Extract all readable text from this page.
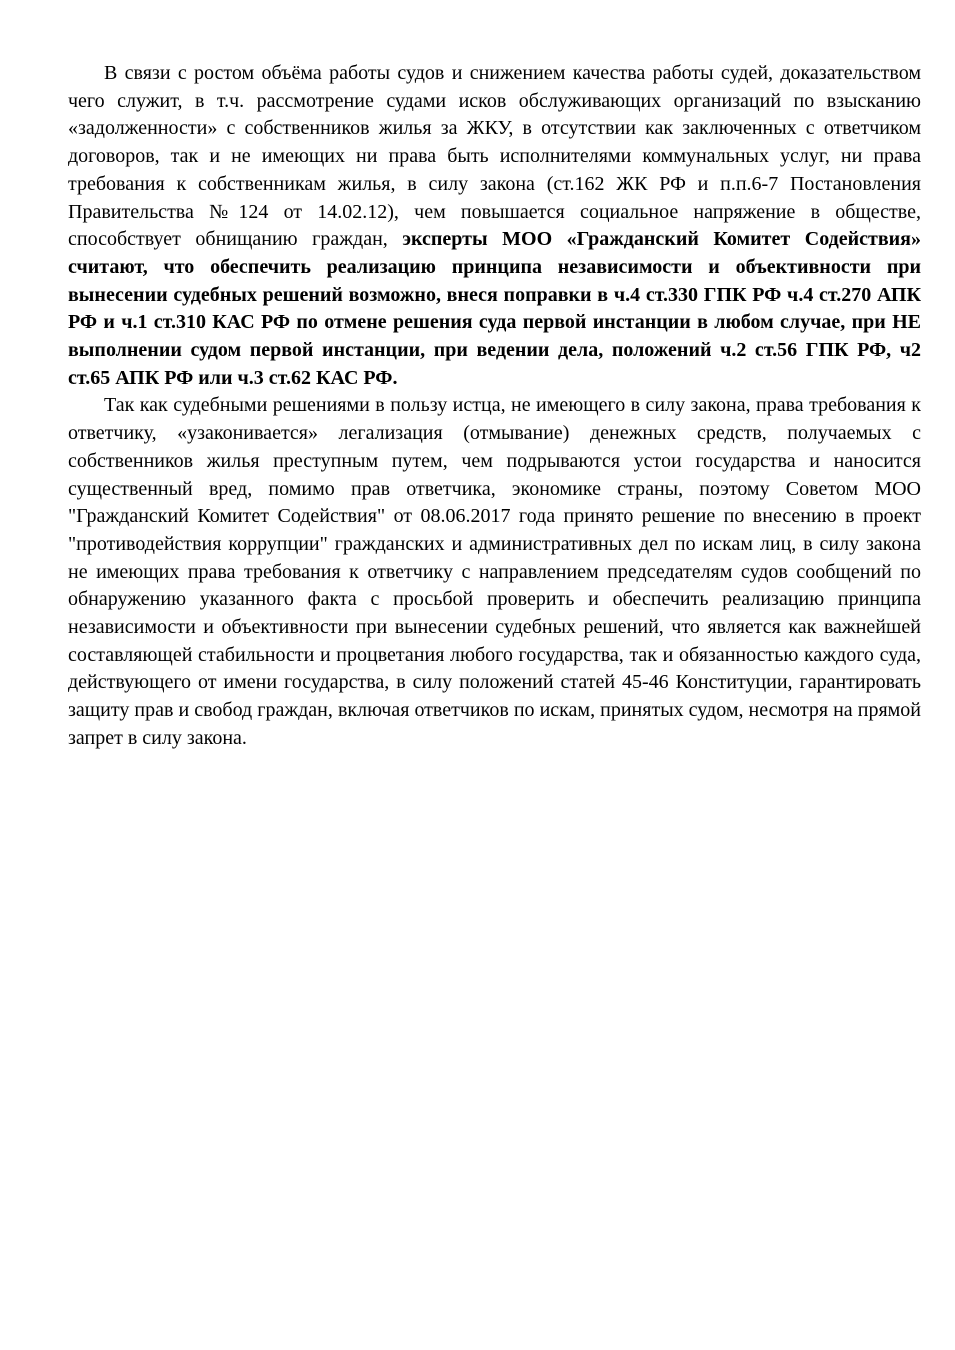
В связи с ростом объёма работы судов и снижением качества работы судей, доказательством чего служит, в т.ч. рассмотрение судами исков обслуживающих организаций по взысканию «задолженности» с собственников жилья за ЖКУ, в отсутствии как заключенных с ответчиком договоров, так и не имеющих ни права быть исполнителями коммунальных услуг, ни права требования к собственникам жилья, в силу закона (ст.162 ЖК РФ и п.п.6-7 Постановления Правительства №124 от 14.02.12), чем повышается социальное напряжение в обществе, способствует обнищанию граждан, эксперты МОО «Гражданский Комитет Содействия» считают, что обеспечить реализацию принципа независимости и объективности при вынесении судебных решений возможно, внеся поправки в ч.4 ст.330 ГПК РФ ч.4 ст.270 АПК РФ и ч.1 ст.310 КАС РФ по отмене решения суда первой инстанции в любом случае, при НЕ выполнении судом первой инстанции, при ведении дела, положений ч.2 ст.56 ГПК РФ, ч2 ст.65 АПК РФ или ч.3 ст.62 КАС РФ.

Так как судебными решениями в пользу истца, не имеющего в силу закона, права требования к ответчику, «узаконивается» легализация (отмывание) денежных средств, получаемых с собственников жилья преступным путем, чем подрываются устои государства и наносится существенный вред, помимо прав ответчика, экономике страны, поэтому Советом МОО "Гражданский Комитет Содействия" от 08.06.2017 года принято решение по внесению в проект "противодействия коррупции" гражданских и административных дел по искам лиц, в силу закона не имеющих права требования к ответчику с направлением председателям судов сообщений по обнаружению указанного факта с просьбой проверить и обеспечить реализацию принципа независимости и объективности при вынесении судебных решений, что является как важнейшей составляющей стабильности и процветания любого государства, так и обязанностью каждого суда, действующего от имени государства, в силу положений статей 45-46 Конституции, гарантировать защиту прав и свобод граждан, включая ответчиков по искам, принятых судом, несмотря на прямой запрет в силу закона.
